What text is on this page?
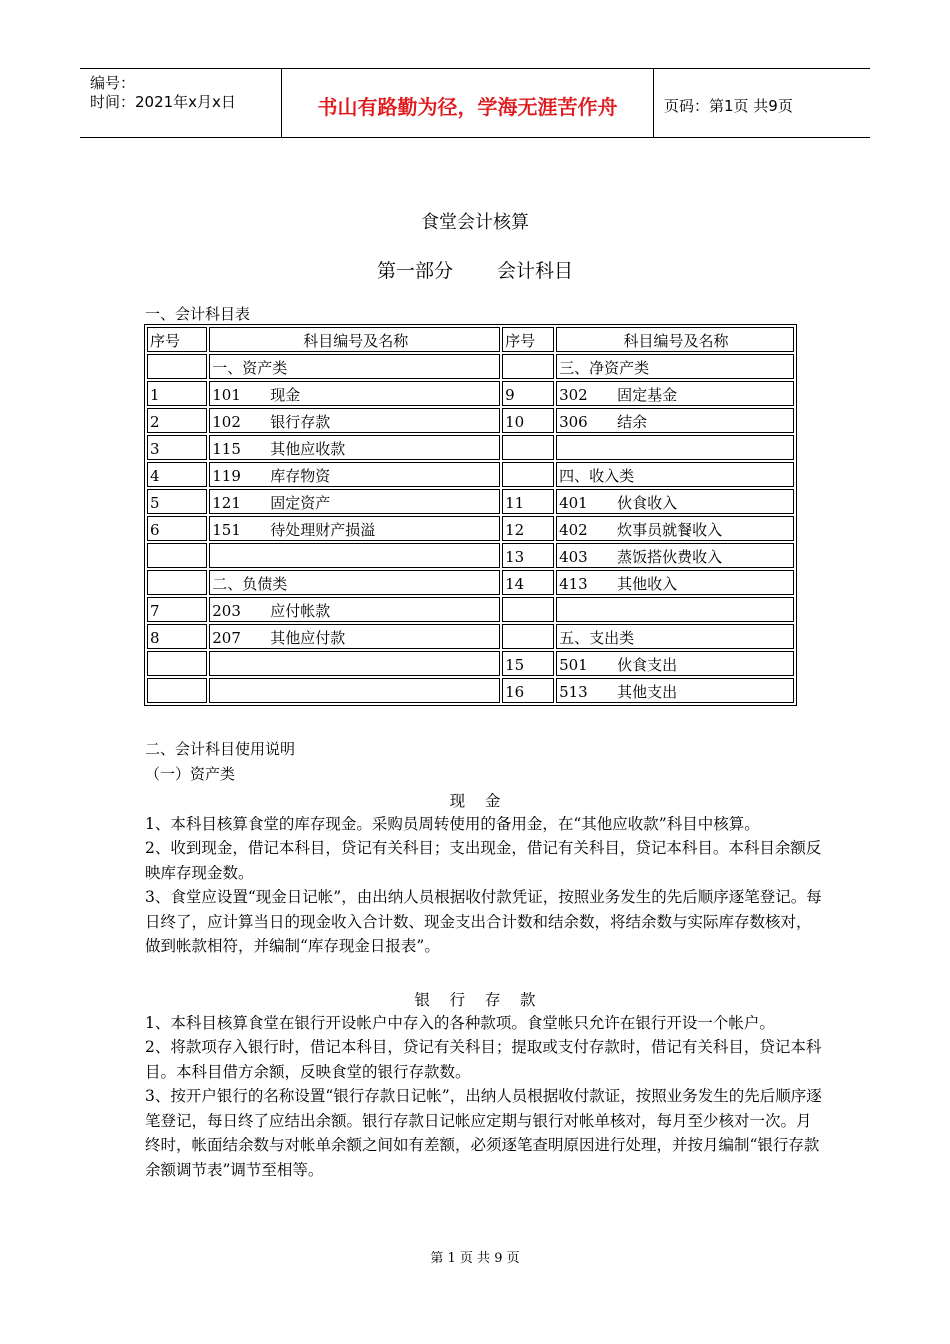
编号：
时间：2021年x月x日	书山有路勤为径，学海无涯苦作舟	页码：第1页 共9页
食堂会计核算
第一部分 会计科目
一、会计科目表
序号	科目编号及名称	序号	科目编号及名称
	一、资产类		三、净资产类
1	101 现金	9	302 固定基金
2	102 银行存款	10	306 结余
3	115 其他应收款		
4	119 库存物资		四、收入类
5	121 固定资产	11	401 伙食收入
6	151 待处理财产损溢	12	402 炊事员就餐收入
		13	403 蒸饭搭伙费收入
	二、负债类	14	413 其他收入
7	203 应付帐款		
8	207 其他应付款		五、支出类
		15	501 伙食支出
		16	513 其他支出
二、会计科目使用说明
（一）资产类
现    金
1、本科目核算食堂的库存现金。采购员周转使用的备用金，在“其他应收款”科目中核算。
2、收到现金，借记本科目，贷记有关科目；支出现金，借记有关科目，贷记本科目。本科目余额反映库存现金数。
3、食堂应设置“现金日记帐”，由出纳人员根据收付款凭证，按照业务发生的先后顺序逐笔登记。每日终了，应计算当日的现金收入合计数、现金支出合计数和结余数，将结余数与实际库存数核对，做到帐款相符，并编制“库存现金日报表”。
银    行    存    款
1、本科目核算食堂在银行开设帐户中存入的各种款项。食堂帐只允许在银行开设一个帐户。
2、将款项存入银行时，借记本科目，贷记有关科目；提取或支付存款时，借记有关科目，贷记本科目。本科目借方余额，反映食堂的银行存款数。
3、按开户银行的名称设置“银行存款日记帐”，出纳人员根据收付款证，按照业务发生的先后顺序逐笔登记，每日终了应结出余额。银行存款日记帐应定期与银行对帐单核对，每月至少核对一次。月终时，帐面结余数与对帐单余额之间如有差额，必须逐笔查明原因进行处理，并按月编制“银行存款余额调节表”调节至相等。
第 1 页 共 9 页
